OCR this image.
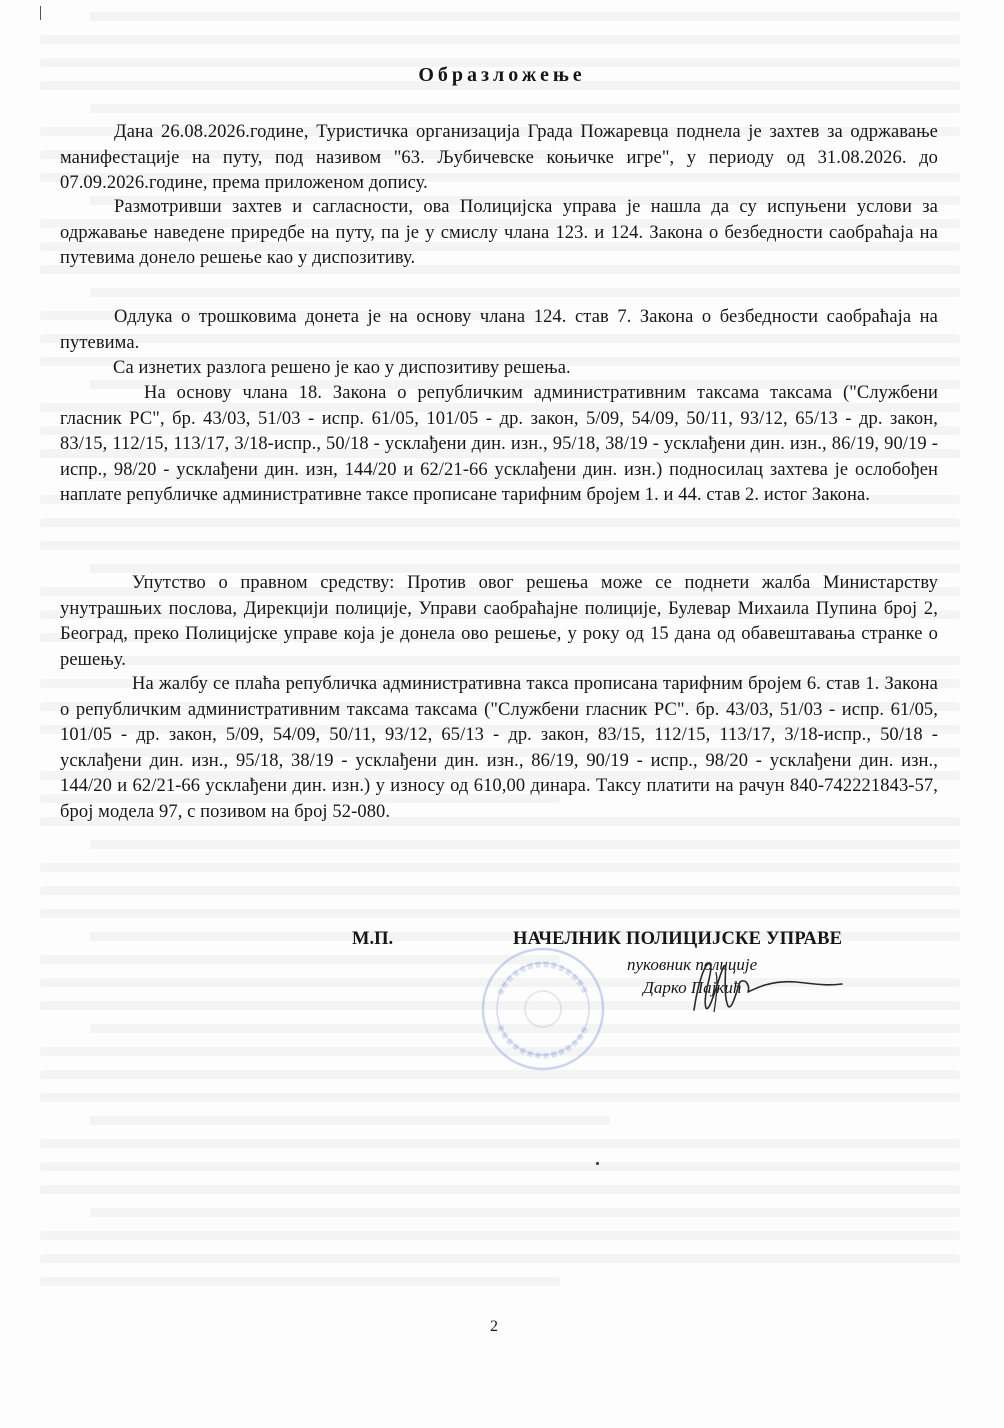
Образложење
Дана 26.08.2026.године, Туристичка организација Града Пожаревца поднела је захтев за одржавање манифестације на путу, под називом "63. Љубичевске коњичке игре", у периоду од 31.08.2026. до 07.09.2026.године, према приложеном допису.
Размотривши захтев и сагласности, ова Полицијска управа је нашла да су испуњени услови за одржавање наведене приредбе на путу, па је у смислу члана 123. и 124. Закона о безбедности саобраћаја на путевима донело решење као у диспозитиву.
Одлука о трошковима донета је на основу члана 124. став 7. Закона о безбедности саобраћаја на путевима.
Са изнетих разлога решено је као у диспозитиву решења.
На основу члана 18. Закона о републичким административним таксама таксама ("Службени гласник РС", бр. 43/03, 51/03 - испр. 61/05, 101/05 - др. закон, 5/09, 54/09, 50/11, 93/12, 65/13 - др. закон, 83/15, 112/15, 113/17, 3/18-испр., 50/18 - усклађени дин. изн., 95/18, 38/19 - усклађени дин. изн., 86/19, 90/19 - испр., 98/20 - усклађени дин. изн, 144/20 и 62/21-66 усклађени дин. изн.) подносилац захтева је ослобођен наплате републичке административне таксе прописане тарифним бројем 1. и 44. став 2. истог Закона.
Упутство о правном средству: Против овог решења може се поднети жалба Министарству унутрашњих послова, Дирекцији полиције, Управи саобраћајне полиције, Булевар Михаила Пупина број 2, Београд, преко Полицијске управе која је донела ово решење, у року од 15 дана од обавештавања странке о решењу.
На жалбу се плаћа републичка административна такса прописана тарифним бројем 6. став 1. Закона о републичким административним таксама таксама ("Службени гласник РС". бр. 43/03, 51/03 - испр. 61/05, 101/05 - др. закон, 5/09, 54/09, 50/11, 93/12, 65/13 - др. закон, 83/15, 112/15, 113/17, 3/18-испр., 50/18 - усклађени дин. изн., 95/18, 38/19 - усклађени дин. изн., 86/19, 90/19 - испр., 98/20 - усклађени дин. изн., 144/20 и 62/21-66 усклађени дин. изн.) у износу од 610,00 динара. Таксу платити на рачун 840-742221843-57, број модела 97, с позивом на број 52-080.
М.П.	НАЧЕЛНИК ПОЛИЦИЈСКЕ УПРАВЕ
пуковник полиције
Дарко Пајкић
2
